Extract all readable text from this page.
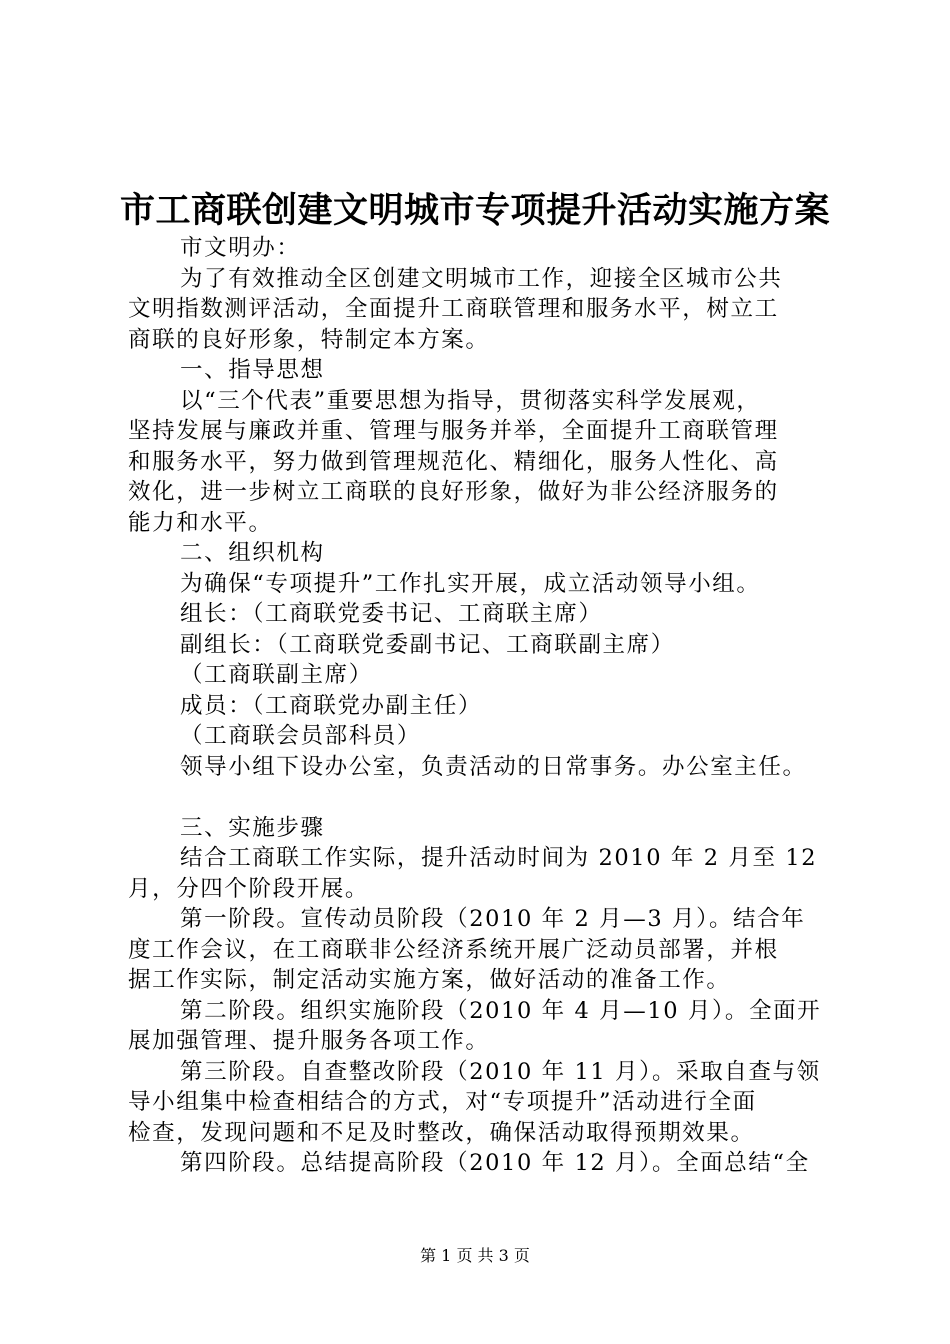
市工商联创建文明城市专项提升活动实施方案
市文明办：
为了有效推动全区创建文明城市工作，迎接全区城市公共
文明指数测评活动，全面提升工商联管理和服务水平，树立工
商联的良好形象，特制定本方案。
一、指导思想
以“三个代表”重要思想为指导，贯彻落实科学发展观，
坚持发展与廉政并重、管理与服务并举，全面提升工商联管理
和服务水平，努力做到管理规范化、精细化，服务人性化、高
效化，进一步树立工商联的良好形象，做好为非公经济服务的
能力和水平。
二、组织机构
为确保“专项提升”工作扎实开展，成立活动领导小组。
组长：（工商联党委书记、工商联主席）
副组长：（工商联党委副书记、工商联副主席）
（工商联副主席）
成员：（工商联党办副主任）
（工商联会员部科员）
领导小组下设办公室，负责活动的日常事务。办公室主任。
三、实施步骤
结合工商联工作实际，提升活动时间为 2010 年 2 月至 12
月，分四个阶段开展。
第一阶段。宣传动员阶段（2010 年 2 月—3 月）。结合年
度工作会议，在工商联非公经济系统开展广泛动员部署，并根
据工作实际，制定活动实施方案，做好活动的准备工作。
第二阶段。组织实施阶段（2010 年 4 月—10 月）。全面开
展加强管理、提升服务各项工作。
第三阶段。自查整改阶段（2010 年 11 月）。采取自查与领
导小组集中检查相结合的方式，对“专项提升”活动进行全面
检查，发现问题和不足及时整改，确保活动取得预期效果。
第四阶段。总结提高阶段（2010 年 12 月）。全面总结“全
第 1 页 共 3 页
